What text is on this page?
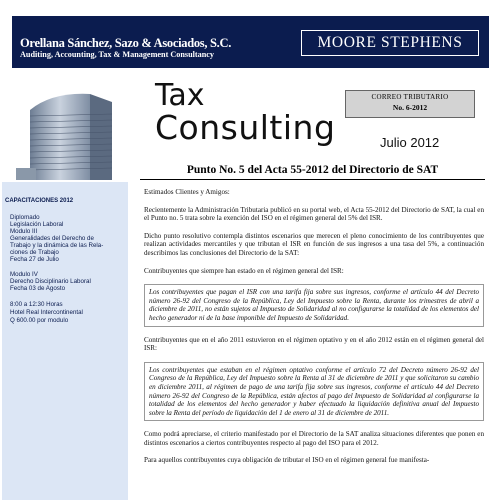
Orellana Sánchez, Sazo & Asociados, S.C.
Auditing, Accounting, Tax & Management Consultancy
MOORE STEPHENS
Tax
Consulting	Julio 2012
CORREO TRIBUTARIO
No. 6-2012
Punto No. 5 del Acta 55-2012 del Directorio de SAT
CAPACITACIONES 2012
Diplomado
Legislación Laboral
Modulo III
Generalidades del Derecho de
Trabajo y la dinámica de las Rela-
ciones de Trabajo
Fecha 27 de Julio
Modulo IV
Derecho Disciplinario Laboral
Fecha 03 de Agosto
8:00 a 12:30 Horas
Hotel Real Intercontinental
Q 600.00 por modulo

Estimados Clientes y Amigos:

Recientemente la Administración Tributaria publicó en su portal web, el Acta 55-2012 del Directorio de SAT, la cual en el Punto no. 5 trata sobre la exención del ISO en el régimen general del 5% del ISR.

Dicho punto resolutivo contempla distintos escenarios que merecen el pleno conocimiento de los contribuyentes que realizan actividades mercantiles y que tributan el ISR en función de sus ingresos a una tasa del 5%, a continuación describimos las conclusiones del Directorio de la SAT:

Contribuyentes que siempre han estado en el régimen general del ISR:

Los contribuyentes que pagan el ISR con una tarifa fija sobre sus ingresos, conforme el artículo 44 del Decreto número 26-92 del Congreso de la República, Ley del Impuesto sobre la Renta, durante los trimestres de abril a diciembre de 2011, no están sujetos al Impuesto de Solidaridad al no configurarse la totalidad de los elementos del hecho generador ni de la base imponible del Impuesto de Solidaridad.

Contribuyentes que en el año 2011 estuvieron en el régimen optativo y en el año 2012 están en el régimen general del ISR:

Los contribuyentes que estaban en el régimen optativo conforme el artículo 72 del Decreto número 26-92 del Congreso de la República, Ley del Impuesto sobre la Renta al 31 de diciembre de 2011 y que solicitaron su cambio en diciembre 2011, al régimen de pago de una tarifa fija sobre sus ingresos, conforme el artículo 44 del Decreto número 26-92 del Congreso de la República, están afectos al pago del Impuesto de Solidaridad al configurarse la totalidad de los elementos del hecho generador y haber efectuado la liquidación definitiva anual del Impuesto sobre la Renta del período de liquidación del 1 de enero al 31 de diciembre de 2011.

Como podrá apreciarse, el criterio manifestado por el Directorio de la SAT analiza situaciones diferentes que ponen en distintos escenarios a ciertos contribuyentes respecto al pago del ISO para el 2012.

Para aquellos contribuyentes cuya obligación de tributar el ISO en el régimen general fue manifesta-
